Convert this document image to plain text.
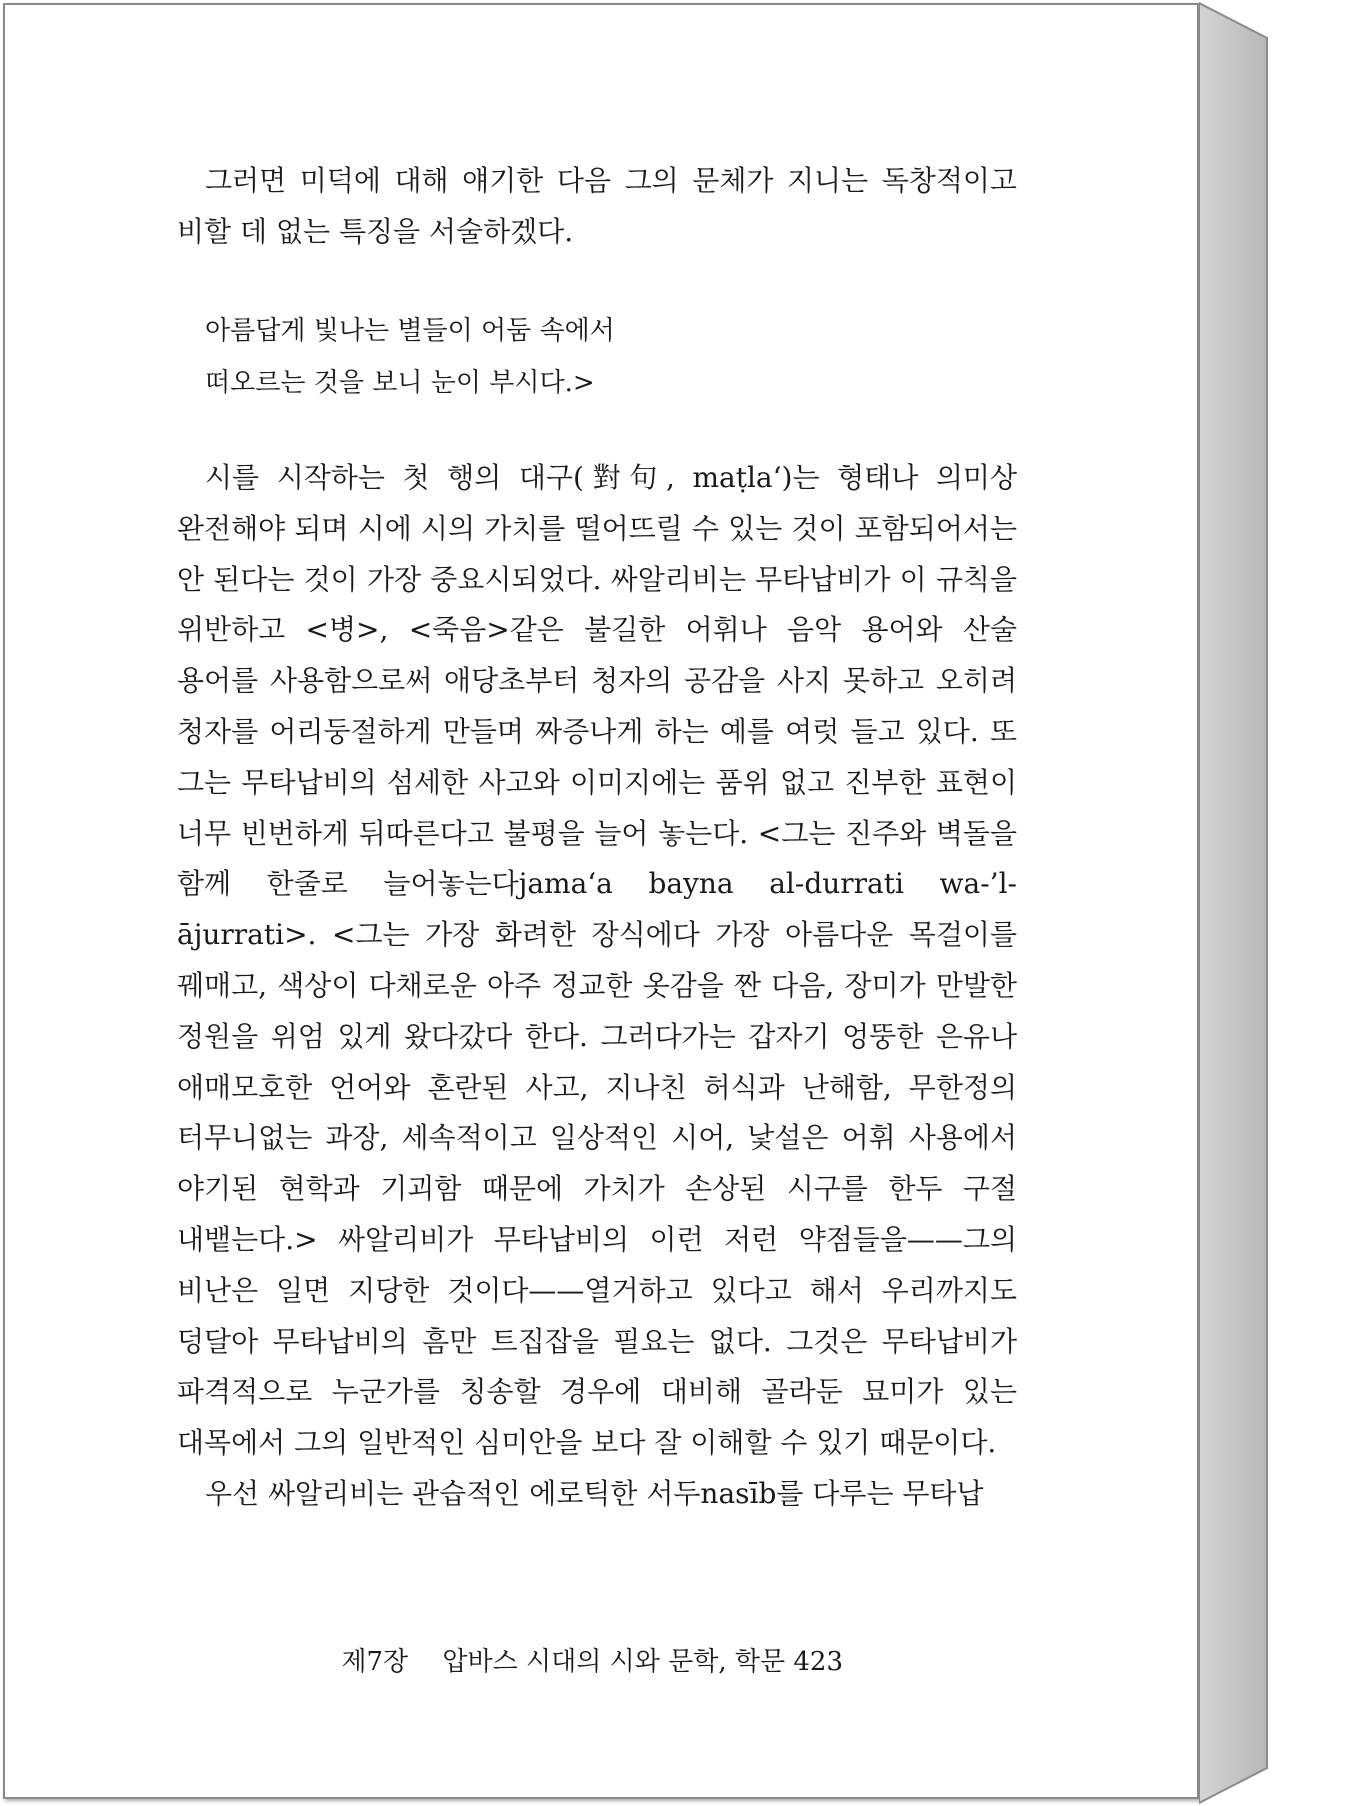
그러면 미덕에 대해 얘기한 다음 그의 문체가 지니는 독창적이고 비할 데 없는 특징을 서술하겠다.

아름답게 빛나는 별들이 어둠 속에서
떠오르는 것을 보니 눈이 부시다.>

시를 시작하는 첫 행의 대구(對句, maṭla‘)는 형태나 의미상 완전해야 되며 시에 시의 가치를 떨어뜨릴 수 있는 것이 포함되어서는 안 된다는 것이 가장 중요시되었다. 싸알리비는 무타납비가 이 규칙을 위반하고 <병>, <죽음>같은 불길한 어휘나 음악 용어와 산술 용어를 사용함으로써 애당초부터 청자의 공감을 사지 못하고 오히려 청자를 어리둥절하게 만들며 짜증나게 하는 예를 여럿 들고 있다. 또 그는 무타납비의 섬세한 사고와 이미지에는 품위 없고 진부한 표현이 너무 빈번하게 뒤따른다고 불평을 늘어 놓는다. <그는 진주와 벽돌을 함께 한줄로 늘어놓는다jama‘a bayna al-durrati wa-’l-ājurrati>. <그는 가장 화려한 장식에다 가장 아름다운 목걸이를 꿰매고, 색상이 다채로운 아주 정교한 옷감을 짠 다음, 장미가 만발한 정원을 위엄 있게 왔다갔다 한다. 그러다가는 갑자기 엉뚱한 은유나 애매모호한 언어와 혼란된 사고, 지나친 허식과 난해함, 무한정의 터무니없는 과장, 세속적이고 일상적인 시어, 낯설은 어휘 사용에서 야기된 현학과 기괴함 때문에 가치가 손상된 시구를 한두 구절 내뱉는다.> 싸알리비가 무타납비의 이런 저런 약점들을——그의 비난은 일면 지당한 것이다——열거하고 있다고 해서 우리까지도 덩달아 무타납비의 흠만 트집잡을 필요는 없다. 그것은 무타납비가 파격적으로 누군가를 칭송할 경우에 대비해 골라둔 묘미가 있는 대목에서 그의 일반적인 심미안을 보다 잘 이해할 수 있기 때문이다.

우선 싸알리비는 관습적인 에로틱한 서두nasīb를 다루는 무타납

제7장 압바스 시대의 시와 문학, 학문 423
